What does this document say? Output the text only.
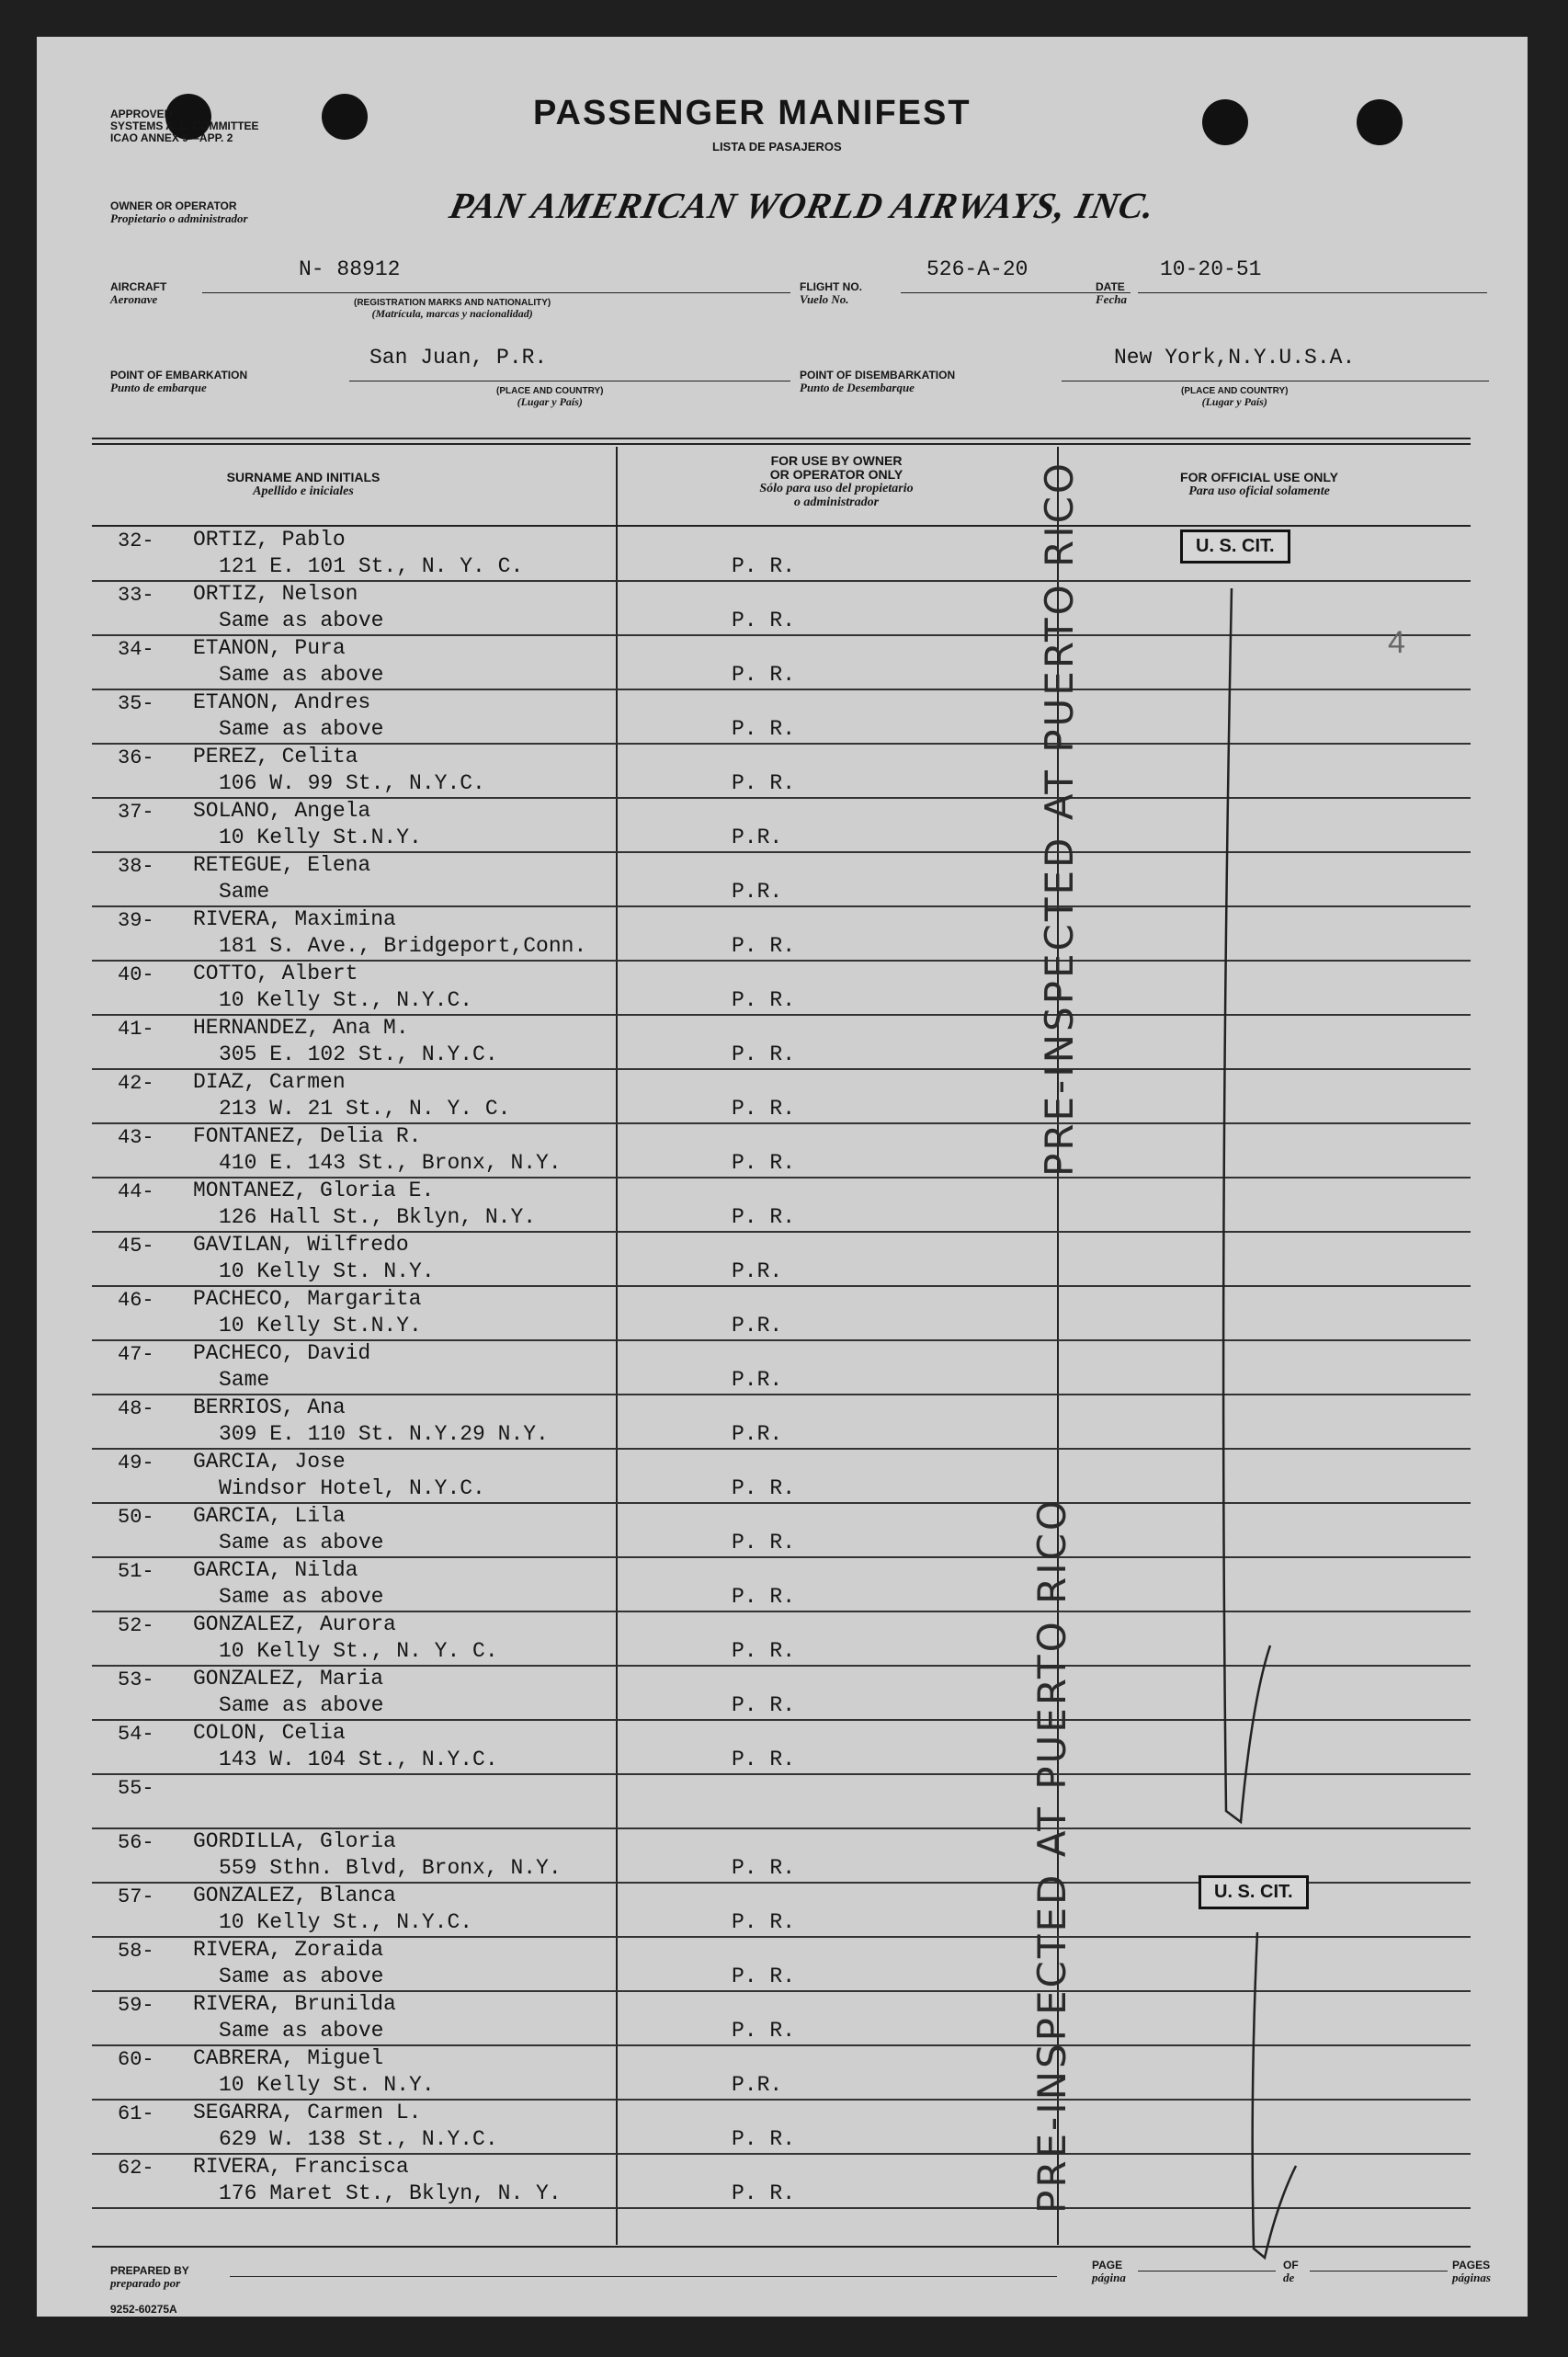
APPROVED
SYSTEMS A. L. COMMITTEE
ICAO ANNEX 9—APP. 2
PASSENGER MANIFEST
LISTA DE PASAJEROS
OWNER OR OPERATOR
Propietario o administrador	PAN AMERICAN WORLD AIRWAYS, INC.
AIRCRAFT
Aeronave
N- 88912
(REGISTRATION MARKS AND NATIONALITY)
(Matrícula, marcas y nacionalidad)
FLIGHT NO.
Vuelo No.
526-A-20
DATE
Fecha
10-20-51
POINT OF EMBARKATION
Punto de embarque
San Juan, P.R.
(PLACE AND COUNTRY)
(Lugar y País)
POINT OF DISEMBARKATION
Punto de Desembarque
New York,N.Y.U.S.A.
(PLACE AND COUNTRY)
(Lugar y País)
SURNAME AND INITIALS
Apellido e iniciales
FOR USE BY OWNER
OR OPERATOR ONLY
Sólo para uso del propietario
o administrador
FOR OFFICIAL USE ONLY
Para uso oficial solamente
32- ORTIZ, Pablo
121 E. 101 St., N. Y. C.	P. R.
33- ORTIZ, Nelson
Same as above	P. R.
34- ETANON, Pura
Same as above	P. R.
35- ETANON, Andres
Same as above	P. R.
36- PEREZ, Celita
106 W. 99 St., N.Y.C.	P. R.
37- SOLANO, Angela
10 Kelly St.N.Y.	P.R.
38- RETEGUE, Elena
Same	P.R.
39- RIVERA, Maximina
181 S. Ave., Bridgeport,Conn.	P. R.
40- COTTO, Albert
10 Kelly St., N.Y.C.	P. R.
41- HERNANDEZ, Ana M.
305 E. 102 St., N.Y.C.	P. R.
42- DIAZ, Carmen
213 W. 21 St., N. Y. C.	P. R.
43- FONTANEZ, Delia R.
410 E. 143 St., Bronx, N.Y.	P. R.
44- MONTANEZ, Gloria E.
126 Hall St., Bklyn, N.Y.	P. R.
45- GAVILAN, Wilfredo
10 Kelly St. N.Y.	P.R.
46- PACHECO, Margarita
10 Kelly St.N.Y.	P.R.
47- PACHECO, David
Same	P.R.
48- BERRIOS, Ana
309 E. 110 St. N.Y.29 N.Y.	P.R.
49- GARCIA, Jose
Windsor Hotel, N.Y.C.	P. R.
50- GARCIA, Lila
Same as above	P. R.
51- GARCIA, Nilda
Same as above	P. R.
52- GONZALEZ, Aurora
10 Kelly St., N. Y. C.	P. R.
53- GONZALEZ, Maria
Same as above	P. R.
54- COLON, Celia
143 W. 104 St., N.Y.C.	P. R.
55-
56- GORDILLA, Gloria
559 Sthn. Blvd, Bronx, N.Y.	P. R.
57- GONZALEZ, Blanca
10 Kelly St., N.Y.C.	P. R.
58- RIVERA, Zoraida
Same as above	P. R.
59- RIVERA, Brunilda
Same as above	P. R.
60- CABRERA, Miguel
10 Kelly St. N.Y.	P.R.
61- SEGARRA, Carmen L.
629 W. 138 St., N.Y.C.	P. R.
62- RIVERA, Francisca
176 Maret St., Bklyn, N. Y.	P. R.
U. S. CIT.
U. S. CIT.
4
PRE-INSPECTED AT PUERTO RICO
PRE-INSPECTED AT PUERTO RICO
PREPARED BY
preparado por
9252-60275A
PAGE
página
OF
de
PAGES
páginas
